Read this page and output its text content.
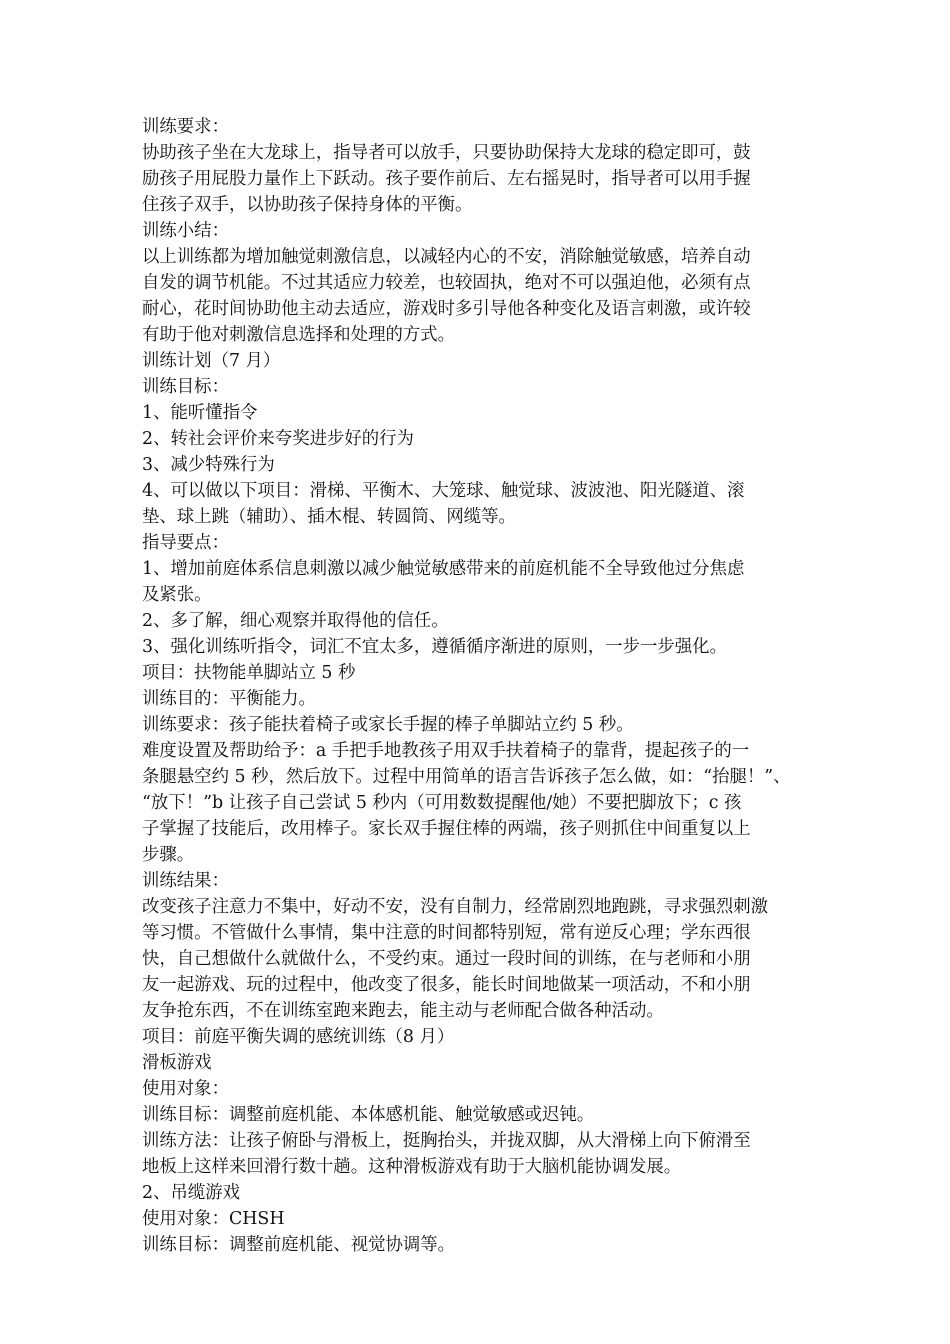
训练要求：
协助孩子坐在大龙球上，指导者可以放手，只要协助保持大龙球的稳定即可，鼓
励孩子用屁股力量作上下跃动。孩子要作前后、左右摇晃时，指导者可以用手握
住孩子双手，以协助孩子保持身体的平衡。
训练小结：
以上训练都为增加触觉刺激信息，以减轻内心的不安，消除触觉敏感，培养自动
自发的调节机能。不过其适应力较差，也较固执，绝对不可以强迫他，必须有点
耐心，花时间协助他主动去适应，游戏时多引导他各种变化及语言刺激，或许较
有助于他对刺激信息选择和处理的方式。
训练计划（7 月）
训练目标：
1、能听懂指令
2、转社会评价来夸奖进步好的行为
3、减少特殊行为
4、可以做以下项目：滑梯、平衡木、大笼球、触觉球、波波池、阳光隧道、滚
垫、球上跳（辅助）、插木棍、转圆筒、网缆等。
指导要点：
1、增加前庭体系信息刺激以减少触觉敏感带来的前庭机能不全导致他过分焦虑
及紧张。
2、多了解，细心观察并取得他的信任。
3、强化训练听指令，词汇不宜太多，遵循循序渐进的原则，一步一步强化。
项目：扶物能单脚站立 5 秒
训练目的：平衡能力。
训练要求：孩子能扶着椅子或家长手握的棒子单脚站立约 5 秒。
难度设置及帮助给予：a 手把手地教孩子用双手扶着椅子的靠背，提起孩子的一
条腿悬空约 5 秒，然后放下。过程中用简单的语言告诉孩子怎么做，如：“抬腿！”、
“放下！”b 让孩子自己尝试 5 秒内（可用数数提醒他/她）不要把脚放下；c 孩
子掌握了技能后，改用棒子。家长双手握住棒的两端，孩子则抓住中间重复以上
步骤。
训练结果：
改变孩子注意力不集中，好动不安，没有自制力，经常剧烈地跑跳，寻求强烈刺激
等习惯。不管做什么事情，集中注意的时间都特别短，常有逆反心理；学东西很
快，自己想做什么就做什么，不受约束。通过一段时间的训练，在与老师和小朋
友一起游戏、玩的过程中，他改变了很多，能长时间地做某一项活动，不和小朋
友争抢东西，不在训练室跑来跑去，能主动与老师配合做各种活动。
项目：前庭平衡失调的感统训练（8 月）
滑板游戏
使用对象：
训练目标：调整前庭机能、本体感机能、触觉敏感或迟钝。
训练方法：让孩子俯卧与滑板上，挺胸抬头，并拢双脚，从大滑梯上向下俯滑至
地板上这样来回滑行数十趟。这种滑板游戏有助于大脑机能协调发展。
2、吊缆游戏
使用对象：CHSH
训练目标：调整前庭机能、视觉协调等。
